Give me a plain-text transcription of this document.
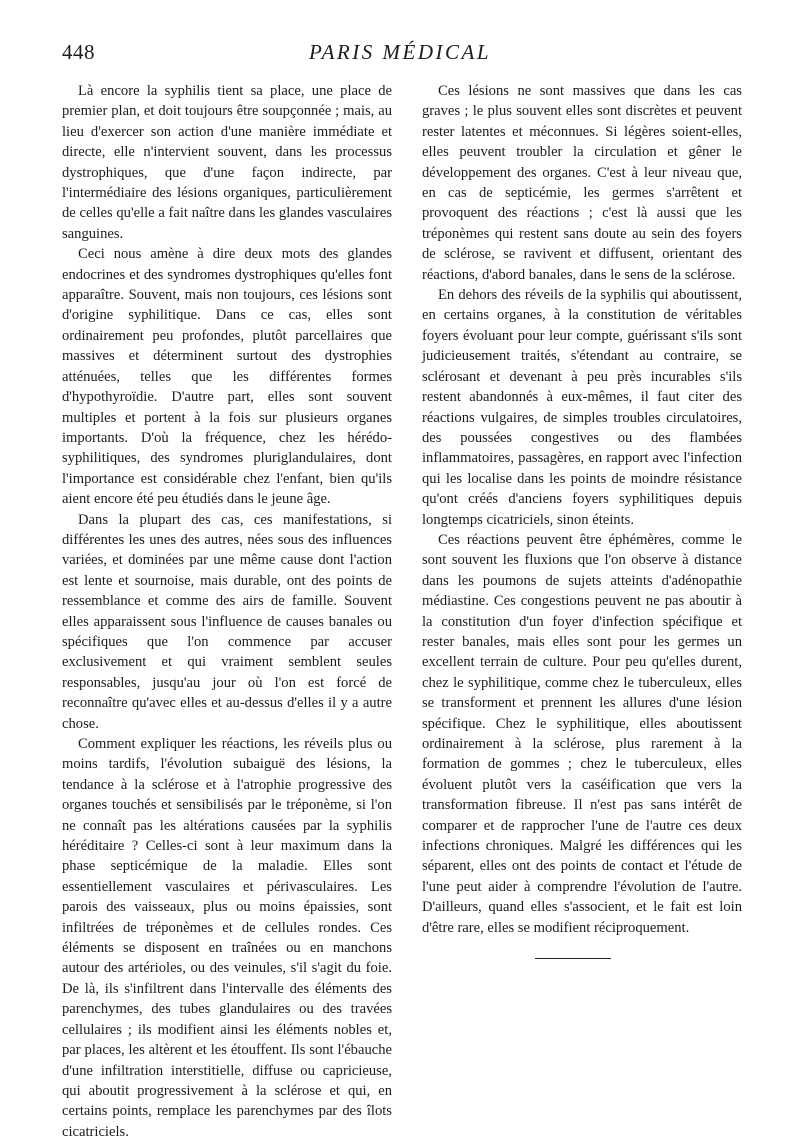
448	PARIS MÉDICAL

Là encore la syphilis tient sa place, une place de premier plan, et doit toujours être soupçonnée ; mais, au lieu d'exercer son action d'une manière immédiate et directe, elle n'intervient souvent, dans les processus dystrophiques, que d'une façon indirecte, par l'intermédiaire des lésions organiques, particulièrement de celles qu'elle a fait naître dans les glandes vasculaires sanguines.

Ceci nous amène à dire deux mots des glandes endocrines et des syndromes dystrophiques qu'elles font apparaître. Souvent, mais non toujours, ces lésions sont d'origine syphilitique. Dans ce cas, elles sont ordinairement peu profondes, plutôt parcellaires que massives et déterminent surtout des dystrophies atténuées, telles que les différentes formes d'hypothyroïdie. D'autre part, elles sont souvent multiples et portent à la fois sur plusieurs organes importants. D'où la fréquence, chez les hérédo-syphilitiques, des syndromes pluriglandulaires, dont l'importance est considérable chez l'enfant, bien qu'ils aient encore été peu étudiés dans le jeune âge.

Dans la plupart des cas, ces manifestations, si différentes les unes des autres, nées sous des influences variées, et dominées par une même cause dont l'action est lente et sournoise, mais durable, ont des points de ressemblance et comme des airs de famille. Souvent elles apparaissent sous l'influence de causes banales ou spécifiques que l'on commence par accuser exclusivement et qui vraiment semblent seules responsables, jusqu'au jour où l'on est forcé de reconnaître qu'avec elles et au-dessus d'elles il y a autre chose.

Comment expliquer les réactions, les réveils plus ou moins tardifs, l'évolution subaiguë des lésions, la tendance à la sclérose et à l'atrophie progressive des organes touchés et sensibilisés par le tréponème, si l'on ne connaît pas les altérations causées par la syphilis héréditaire ? Celles-ci sont à leur maximum dans la phase septicémique de la maladie. Elles sont essentiellement vasculaires et périvasculaires. Les parois des vaisseaux, plus ou moins épaissies, sont infiltrées de tréponèmes et de cellules rondes. Ces éléments se disposent en traînées ou en manchons autour des artérioles, ou des veinules, s'il s'agit du foie. De là, ils s'infiltrent dans l'intervalle des éléments des parenchymes, des tubes glandulaires ou des travées cellulaires ; ils modifient ainsi les éléments nobles et, par places, les altèrent et les étouffent. Ils sont l'ébauche d'une infiltration interstitielle, diffuse ou capricieuse, qui aboutit progressivement à la sclérose et qui, en certains points, remplace les parenchymes par des îlots cicatriciels.

Ces lésions ne sont massives que dans les cas graves ; le plus souvent elles sont discrètes et peuvent rester latentes et méconnues. Si légères soient-elles, elles peuvent troubler la circulation et gêner le développement des organes. C'est à leur niveau que, en cas de septicémie, les germes s'arrêtent et provoquent des réactions ; c'est là aussi que les tréponèmes qui restent sans doute au sein des foyers de sclérose, se ravivent et diffusent, orientant des réactions, d'abord banales, dans le sens de la sclérose.

En dehors des réveils de la syphilis qui aboutissent, en certains organes, à la constitution de véritables foyers évoluant pour leur compte, guérissant s'ils sont judicieusement traités, s'étendant au contraire, se sclérosant et devenant à peu près incurables s'ils restent abandonnés à eux-mêmes, il faut citer des réactions vulgaires, de simples troubles circulatoires, des poussées congestives ou des flambées inflammatoires, passagères, en rapport avec l'infection qui les localise dans les points de moindre résistance qu'ont créés d'anciens foyers syphilitiques depuis longtemps cicatriciels, sinon éteints.

Ces réactions peuvent être éphémères, comme le sont souvent les fluxions que l'on observe à distance dans les poumons de sujets atteints d'adénopathie médiastine. Ces congestions peuvent ne pas aboutir à la constitution d'un foyer d'infection spécifique et rester banales, mais elles sont pour les germes un excellent terrain de culture. Pour peu qu'elles durent, chez le syphilitique, comme chez le tuberculeux, elles se transforment et prennent les allures d'une lésion spécifique. Chez le syphilitique, elles aboutissent ordinairement à la sclérose, plus rarement à la formation de gommes ; chez le tuberculeux, elles évoluent plutôt vers la caséification que vers la transformation fibreuse. Il n'est pas sans intérêt de comparer et de rapprocher l'une de l'autre ces deux infections chroniques. Malgré les différences qui les séparent, elles ont des points de contact et l'étude de l'une peut aider à comprendre l'évolution de l'autre. D'ailleurs, quand elles s'associent, et le fait est loin d'être rare, elles se modifient réciproquement.
